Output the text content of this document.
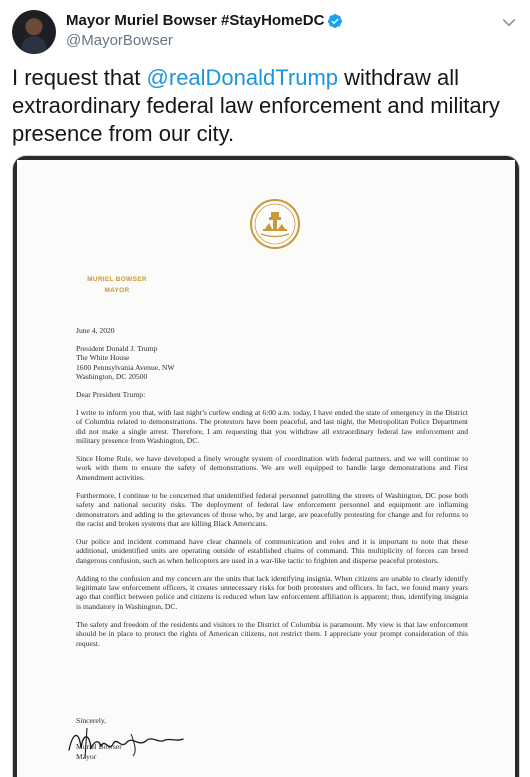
Mayor Muriel Bowser #StayHomeDC
@MayorBowser
I request that @realDonaldTrump withdraw all extraordinary federal law enforcement and military presence from our city.
MURIEL BOWSER
MAYOR

June 4, 2020

President Donald J. Trump

The White House

1600 Pennsylvania Avenue, NW

Washington, DC 20500

Dear President Trump:

I write to inform you that, with last night’s curfew ending at 6:00 a.m. today, I have ended the state of emergency in the District of Columbia related to demonstrations. The protestors have been peaceful, and last night, the Metropolitan Police Department did not make a single arrest. Therefore, I am requesting that you withdraw all extraordinary federal law enforcement and military presence from Washington, DC.

Since Home Rule, we have developed a finely wrought system of coordination with federal partners, and we will continue to work with them to ensure the safety of demonstrations. We are well equipped to handle large demonstrations and First Amendment activities.

Furthermore, I continue to be concerned that unidentified federal personnel patrolling the streets of Washington, DC pose both safety and national security risks. The deployment of federal law enforcement personnel and equipment are inflaming demonstrators and adding to the grievances of those who, by and large, are peacefully protesting for change and for reforms to the racist and broken systems that are killing Black Americans.

Our police and incident command have clear channels of communication and roles and it is important to note that these additional, unidentified units are operating outside of established chains of command. This multiplicity of forces can breed dangerous confusion, such as when helicopters are used in a war-like tactic to frighten and disperse peaceful protestors.

Adding to the confusion and my concern are the units that lack identifying insignia. When citizens are unable to clearly identify legitimate law enforcement officers, it creates unnecessary risks for both protesters and officers. In fact, we found many years ago that conflict between police and citizens is reduced when law enforcement affiliation is apparent; thus, identifying insignia is mandatory in Washington, DC.

The safety and freedom of the residents and visitors to the District of Columbia is paramount. My view is that law enforcement should be in place to protect the rights of American citizens, not restrict them. I appreciate your prompt consideration of this request.

Sincerely,
Muriel Bowser
Mayor
